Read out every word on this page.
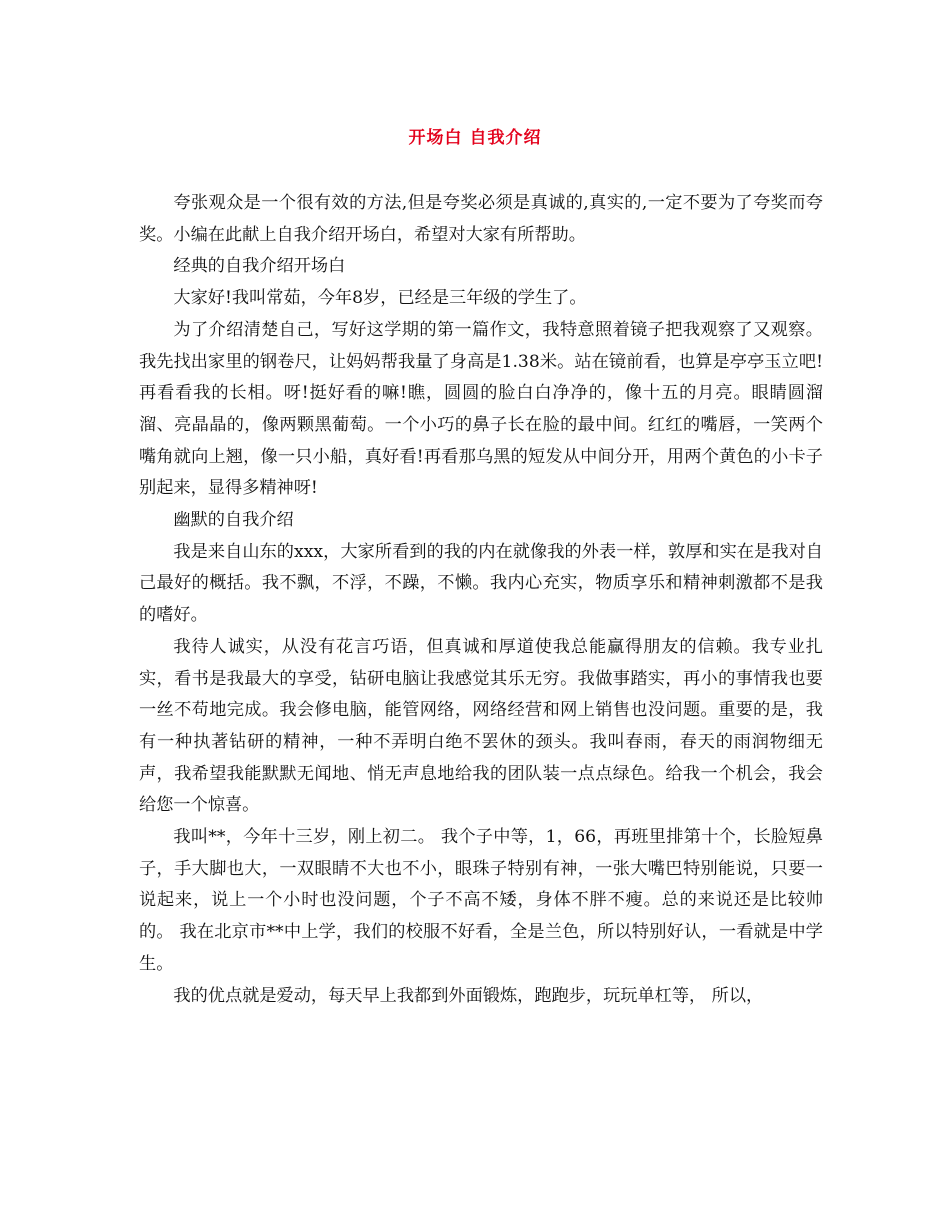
开场白 自我介绍

夸张观众是一个很有效的方法,但是夸奖必须是真诚的,真实的,一定不要为了夸奖而夸奖。小编在此献上自我介绍开场白，希望对大家有所帮助。

经典的自我介绍开场白

大家好!我叫常茹，今年8岁，已经是三年级的学生了。

为了介绍清楚自己，写好这学期的第一篇作文，我特意照着镜子把我观察了又观察。我先找出家里的钢卷尺，让妈妈帮我量了身高是1.38米。站在镜前看，也算是亭亭玉立吧!再看看我的长相。呀!挺好看的嘛!瞧，圆圆的脸白白净净的，像十五的月亮。眼睛圆溜溜、亮晶晶的，像两颗黑葡萄。一个小巧的鼻子长在脸的最中间。红红的嘴唇，一笑两个嘴角就向上翘，像一只小船，真好看!再看那乌黑的短发从中间分开，用两个黄色的小卡子别起来，显得多精神呀!

幽默的自我介绍

我是来自山东的xxx，大家所看到的我的内在就像我的外表一样，敦厚和实在是我对自己最好的概括。我不飘，不浮，不躁，不懒。我内心充实，物质享乐和精神刺激都不是我的嗜好。

我待人诚实，从没有花言巧语，但真诚和厚道使我总能赢得朋友的信赖。我专业扎实，看书是我最大的享受，钻研电脑让我感觉其乐无穷。我做事踏实，再小的事情我也要一丝不苟地完成。我会修电脑，能管网络，网络经营和网上销售也没问题。重要的是，我有一种执著钻研的精神，一种不弄明白绝不罢休的颈头。我叫春雨，春天的雨润物细无声，我希望我能默默无闻地、悄无声息地给我的团队装一点点绿色。给我一个机会，我会给您一个惊喜。

我叫**，今年十三岁，刚上初二。 我个子中等，1，66，再班里排第十个，长脸短鼻子，手大脚也大，一双眼睛不大也不小，眼珠子特别有神，一张大嘴巴特别能说，只要一说起来，说上一个小时也没问题，个子不高不矮，身体不胖不瘦。总的来说还是比较帅的。 我在北京市**中上学，我们的校服不好看，全是兰色，所以特别好认，一看就是中学生。

我的优点就是爱动，每天早上我都到外面锻炼，跑跑步，玩玩单杠等， 所以，
